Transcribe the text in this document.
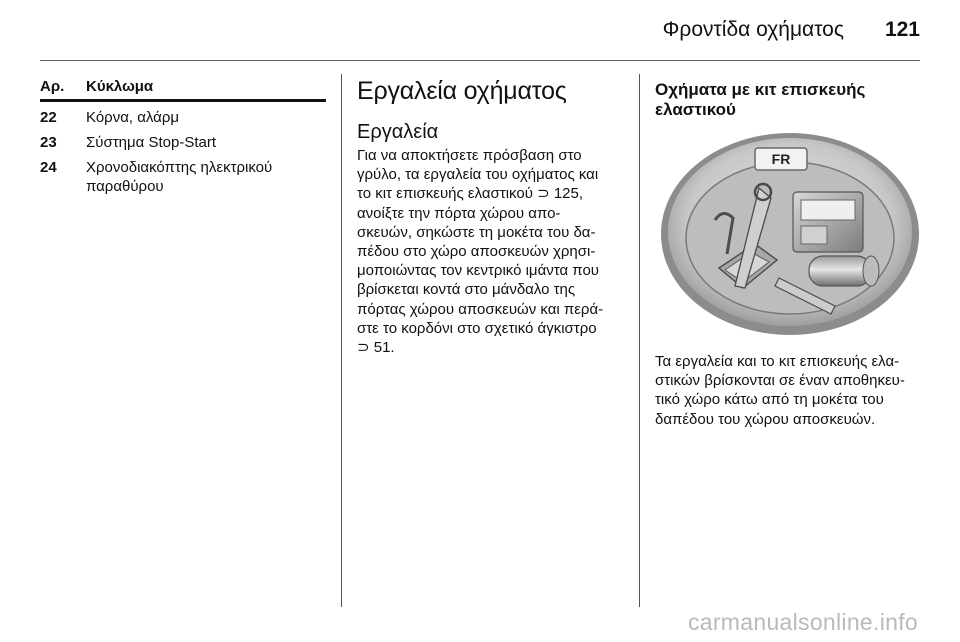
Φροντίδα οχήματος 121
Αρ.	Κύκλωμα
22	Κόρνα, αλάρμ
23	Σύστημα Stop-Start
24	Χρονοδιακόπτης ηλεκτρικού
παραθύρου
Εργαλεία οχήματος
Εργαλεία

Για να αποκτήσετε πρόσβαση στο
γρύλο, τα εργαλεία του οχήματος και
το κιτ επισκευής ελαστικού ⊃ 125,
ανοίξτε την πόρτα χώρου απο-
σκευών, σηκώστε τη μοκέτα του δα-
πέδου στο χώρο αποσκευών χρησι-
μοποιώντας τον κεντρικό ιμάντα που
βρίσκεται κοντά στο μάνδαλο της
πόρτας χώρου αποσκευών και περά-
στε το κορδόνι στο σχετικό άγκιστρο
⊃ 51.

Οχήματα με κιτ επισκευής
ελαστικού
FR

Τα εργαλεία και το κιτ επισκευής ελα-
στικών βρίσκονται σε έναν αποθηκευ-
τικό χώρο κάτω από τη μοκέτα του
δαπέδου του χώρου αποσκευών.

carmanualsonline.info
